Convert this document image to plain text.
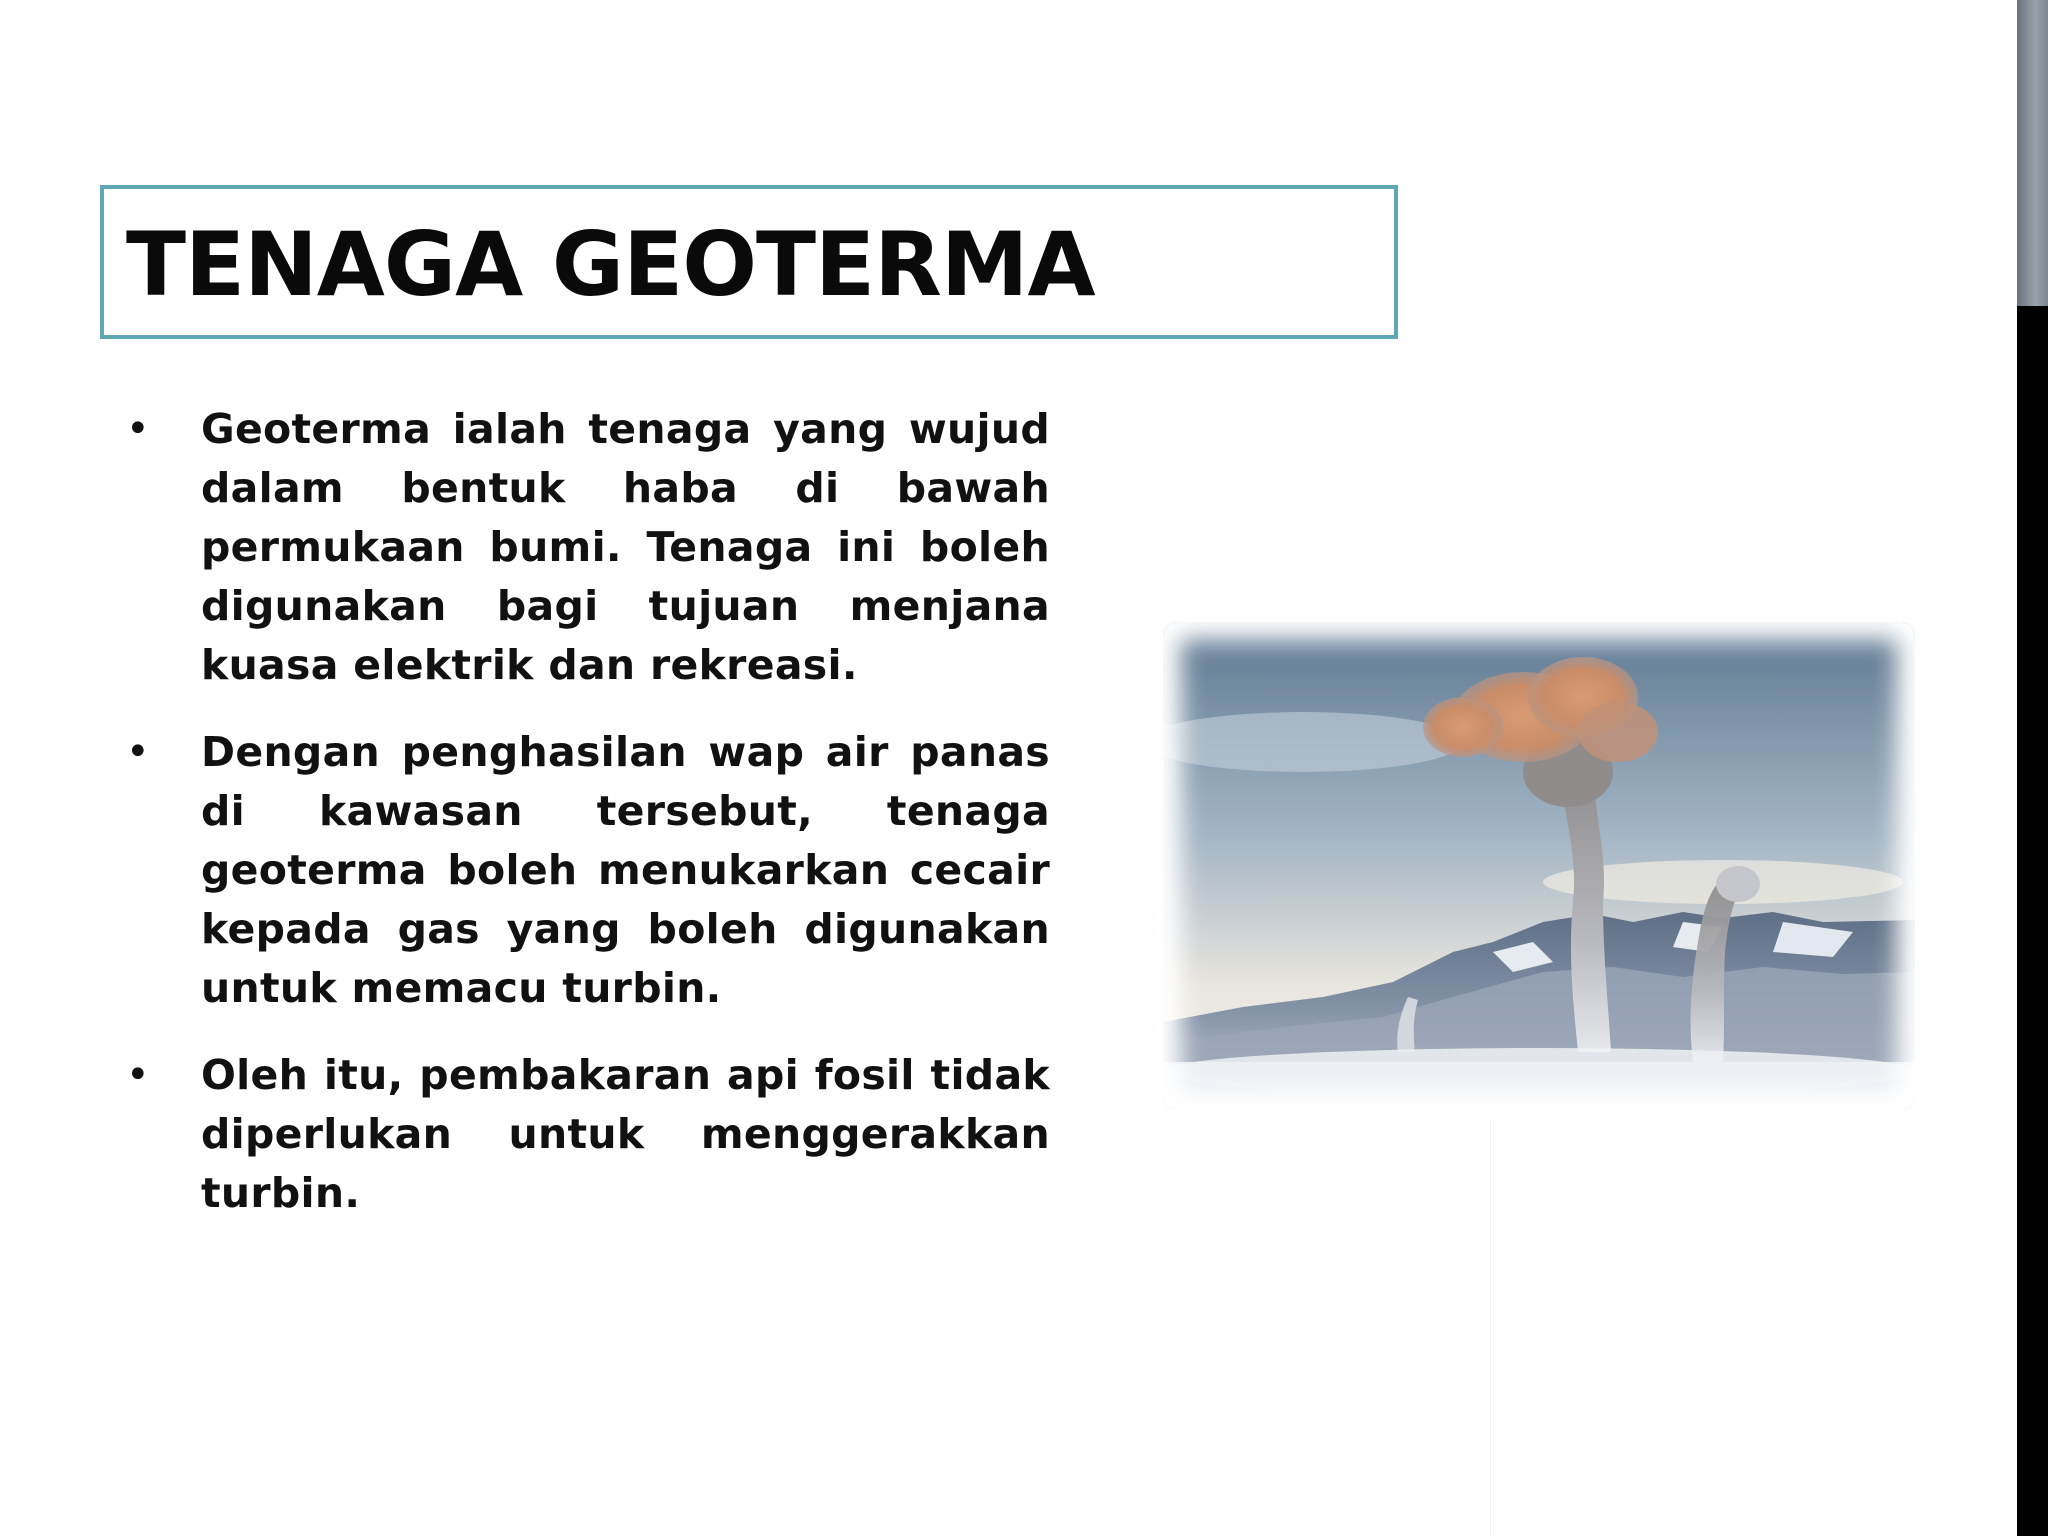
TENAGA GEOTERMA
• Geoterma ialah tenaga yang wujud dalam bentuk haba di bawah permukaan bumi. Tenaga ini boleh digunakan bagi tujuan menjana kuasa elektrik dan rekreasi.
• Dengan penghasilan wap air panas di kawasan tersebut, tenaga geoterma boleh menukarkan cecair kepada gas yang boleh digunakan untuk memacu turbin.
• Oleh itu, pembakaran api fosil tidak diperlukan untuk menggerakkan turbin.
